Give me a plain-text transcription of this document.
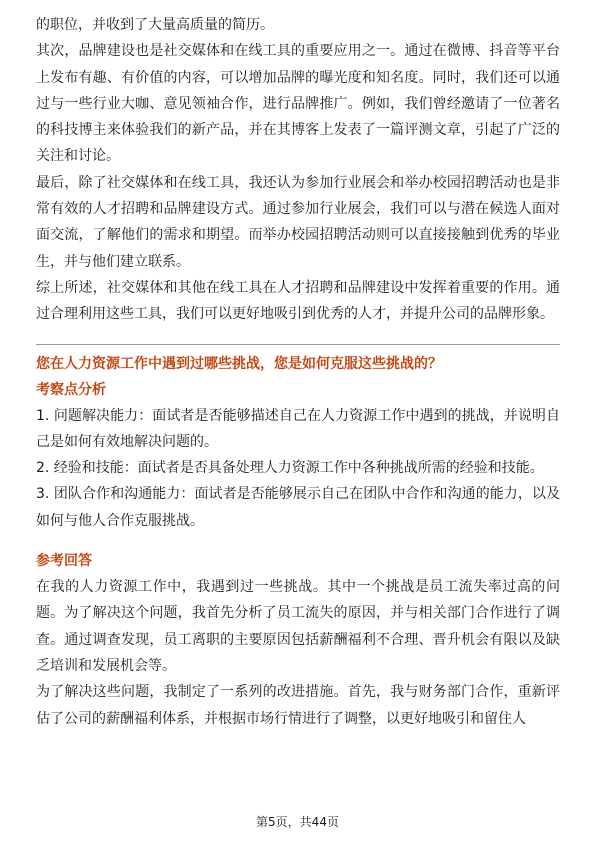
的职位，并收到了大量高质量的简历。

其次，品牌建设也是社交媒体和在线工具的重要应用之一。通过在微博、抖音等平台上发布有趣、有价值的内容，可以增加品牌的曝光度和知名度。同时，我们还可以通过与一些行业大咖、意见领袖合作，进行品牌推广。例如，我们曾经邀请了一位著名的科技博主来体验我们的新产品，并在其博客上发表了一篇评测文章，引起了广泛的关注和讨论。

最后，除了社交媒体和在线工具，我还认为参加行业展会和举办校园招聘活动也是非常有效的人才招聘和品牌建设方式。通过参加行业展会，我们可以与潜在候选人面对面交流，了解他们的需求和期望。而举办校园招聘活动则可以直接接触到优秀的毕业生，并与他们建立联系。

综上所述，社交媒体和其他在线工具在人才招聘和品牌建设中发挥着重要的作用。通过合理利用这些工具，我们可以更好地吸引到优秀的人才，并提升公司的品牌形象。

您在人力资源工作中遇到过哪些挑战，您是如何克服这些挑战的？

考察点分析

1. 问题解决能力：面试者是否能够描述自己在人力资源工作中遇到的挑战，并说明自己是如何有效地解决问题的。

2. 经验和技能：面试者是否具备处理人力资源工作中各种挑战所需的经验和技能。

3. 团队合作和沟通能力：面试者是否能够展示自己在团队中合作和沟通的能力，以及如何与他人合作克服挑战。

参考回答

在我的人力资源工作中，我遇到过一些挑战。其中一个挑战是员工流失率过高的问题。为了解决这个问题，我首先分析了员工流失的原因，并与相关部门合作进行了调查。通过调查发现，员工离职的主要原因包括薪酬福利不合理、晋升机会有限以及缺乏培训和发展机会等。

为了解决这些问题，我制定了一系列的改进措施。首先，我与财务部门合作，重新评估了公司的薪酬福利体系，并根据市场行情进行了调整，以更好地吸引和留住人

第5页，共44页
